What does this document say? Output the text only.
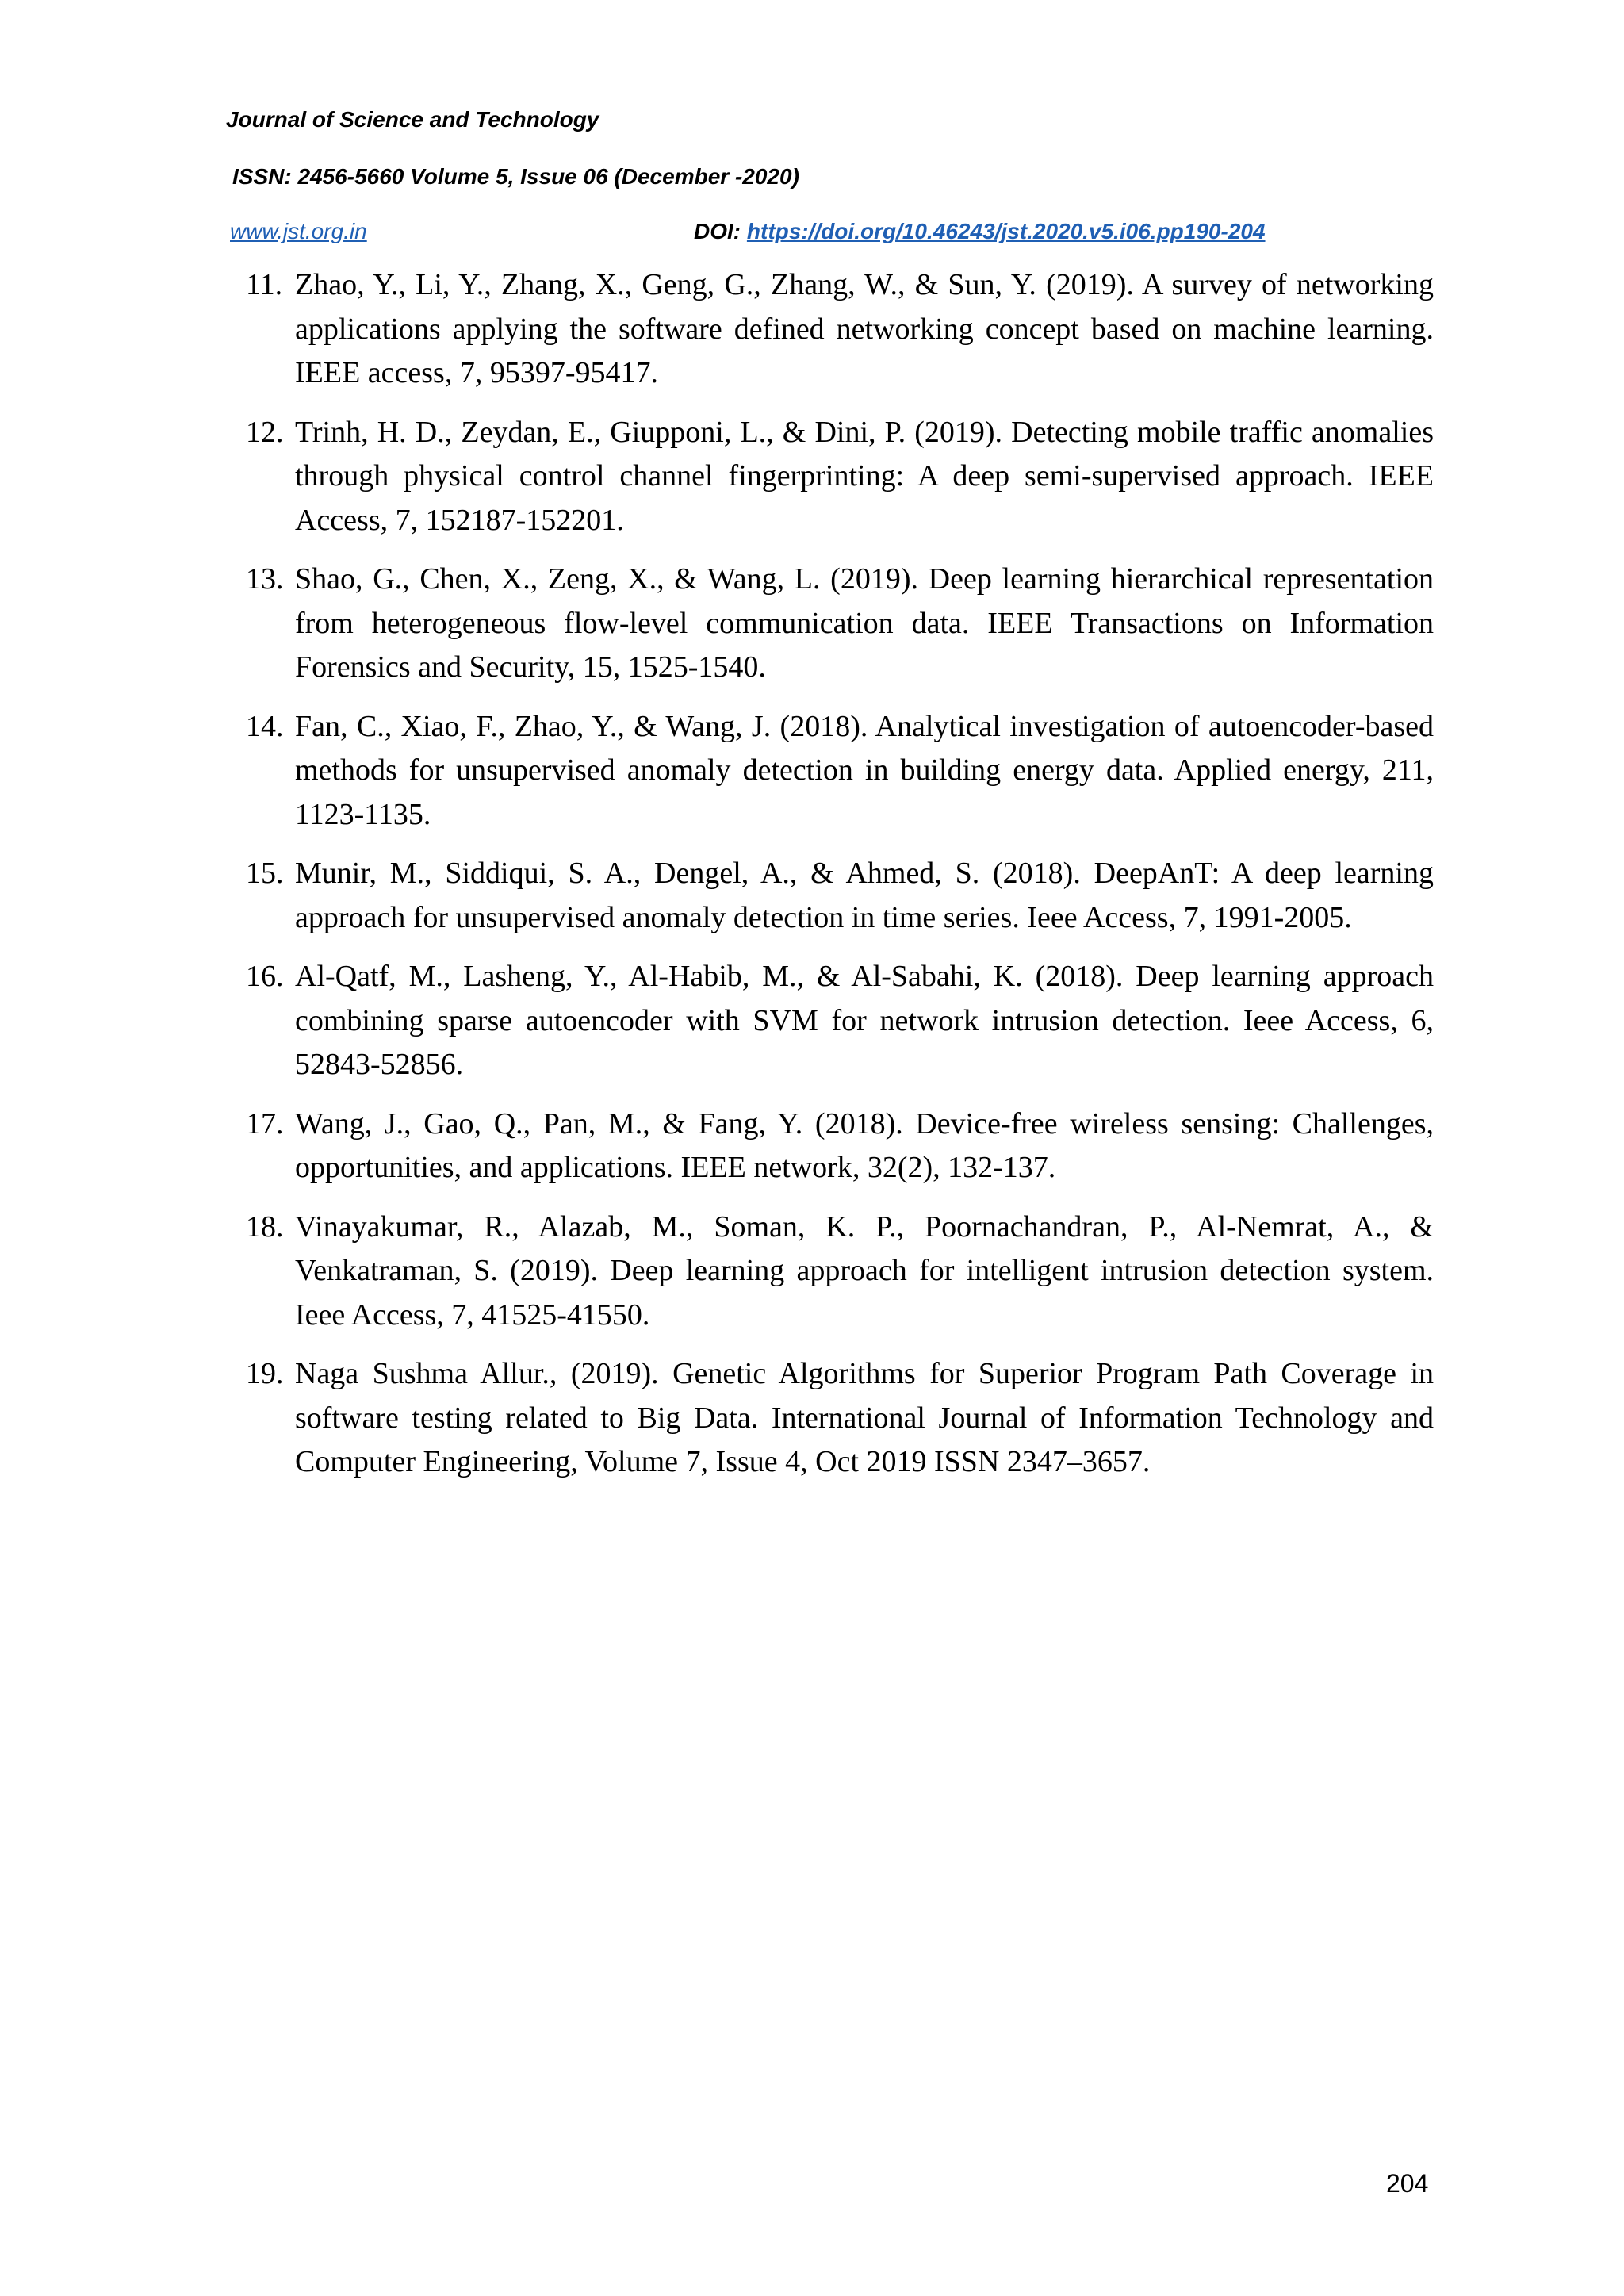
Journal of Science and Technology
ISSN: 2456-5660 Volume 5, Issue 06 (December -2020)
www.jst.org.in	DOI: https://doi.org/10.46243/jst.2020.v5.i06.pp190-204
11. Zhao, Y., Li, Y., Zhang, X., Geng, G., Zhang, W., & Sun, Y. (2019). A survey of networking applications applying the software defined networking concept based on machine learning. IEEE access, 7, 95397-95417.
12. Trinh, H. D., Zeydan, E., Giupponi, L., & Dini, P. (2019). Detecting mobile traffic anomalies through physical control channel fingerprinting: A deep semi-supervised approach. IEEE Access, 7, 152187-152201.
13. Shao, G., Chen, X., Zeng, X., & Wang, L. (2019). Deep learning hierarchical representation from heterogeneous flow-level communication data. IEEE Transactions on Information Forensics and Security, 15, 1525-1540.
14. Fan, C., Xiao, F., Zhao, Y., & Wang, J. (2018). Analytical investigation of autoencoder-based methods for unsupervised anomaly detection in building energy data. Applied energy, 211, 1123-1135.
15. Munir, M., Siddiqui, S. A., Dengel, A., & Ahmed, S. (2018). DeepAnT: A deep learning approach for unsupervised anomaly detection in time series. Ieee Access, 7, 1991-2005.
16. Al-Qatf, M., Lasheng, Y., Al-Habib, M., & Al-Sabahi, K. (2018). Deep learning approach combining sparse autoencoder with SVM for network intrusion detection. Ieee Access, 6, 52843-52856.
17. Wang, J., Gao, Q., Pan, M., & Fang, Y. (2018). Device-free wireless sensing: Challenges, opportunities, and applications. IEEE network, 32(2), 132-137.
18. Vinayakumar, R., Alazab, M., Soman, K. P., Poornachandran, P., Al-Nemrat, A., & Venkatraman, S. (2019). Deep learning approach for intelligent intrusion detection system. Ieee Access, 7, 41525-41550.
19. Naga Sushma Allur., (2019). Genetic Algorithms for Superior Program Path Coverage in software testing related to Big Data. International Journal of Information Technology and Computer Engineering, Volume 7, Issue 4, Oct 2019 ISSN 2347–3657.
204
